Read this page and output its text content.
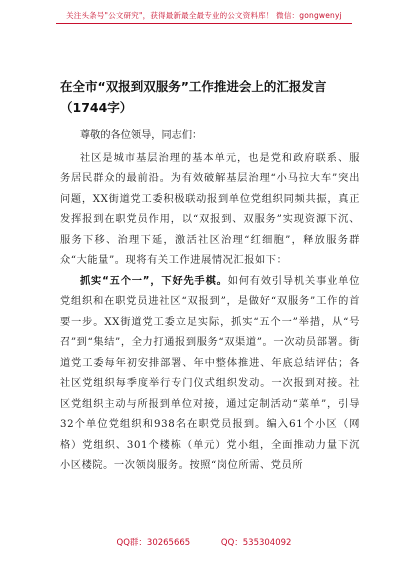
关注头条号"公文研究"，获得最新最全最专业的公文资料库！ 微信：gongwenyj
在全市“双报到双服务”工作推进会上的汇报发言（1744字）

尊敬的各位领导，同志们：

社区是城市基层治理的基本单元，也是党和政府联系、服务居民群众的最前沿。为有效破解基层治理“小马拉大车”突出问题，XX街道党工委积极联动报到单位党组织同频共振，真正发挥报到在职党员作用，以“双报到、双服务”实现资源下沉、服务下移、治理下延，激活社区治理“红细胞”，释放服务群众“大能量”。现将有关工作进展情况汇报如下：

抓实“五个一”，下好先手棋。如何有效引导机关事业单位党组织和在职党员进社区“双报到”，是做好“双服务”工作的首要一步。XX街道党工委立足实际，抓实“五个一”举措，从“号召”到“集结”，全力打通报到服务“双渠道”。一次动员部署。街道党工委每年初安排部署、年中整体推进、年底总结评估；各社区党组织每季度举行专门仪式组织发动。一次报到对接。社区党组织主动与所报到单位对接，通过定制活动“菜单”，引导32个单位党组织和938名在职党员报到。编入61个小区（网格）党组织、301个楼栋（单元）党小组，全面推动力量下沉小区楼院。一次领岗服务。按照“岗位所需、党员所

QQ群：30265665	QQ：535304092
